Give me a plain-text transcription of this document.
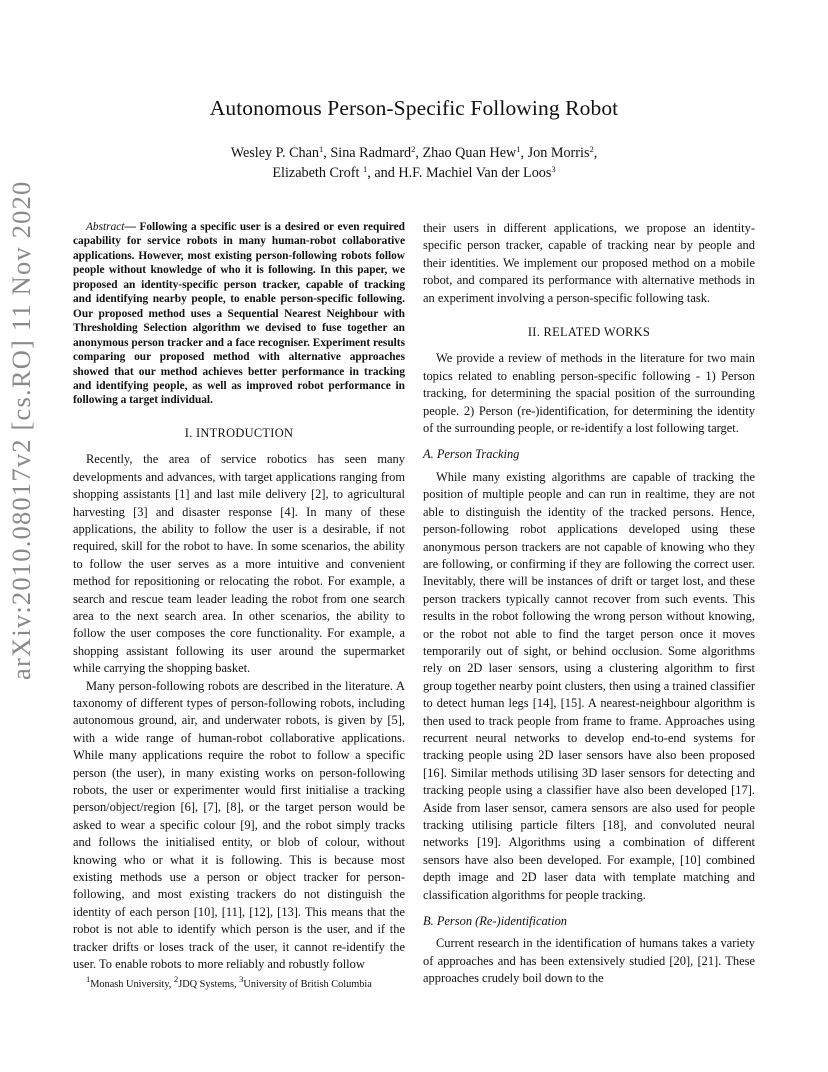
arXiv:2010.08017v2 [cs.RO] 11 Nov 2020
Autonomous Person-Specific Following Robot
Wesley P. Chan$^1$, Sina Radmard$^2$, Zhao Quan Hew$^1$, Jon Morris$^2$,
Elizabeth Croft $^1$, and H.F. Machiel Van der Loos$^3$

Abstract— Following a specific user is a desired or even required capability for service robots in many human-robot collaborative applications. However, most existing person-following robots follow people without knowledge of who it is following. In this paper, we proposed an identity-specific person tracker, capable of tracking and identifying nearby people, to enable person-specific following. Our proposed method uses a Sequential Nearest Neighbour with Thresholding Selection algorithm we devised to fuse together an anonymous person tracker and a face recogniser. Experiment results comparing our proposed method with alternative approaches showed that our method achieves better performance in tracking and identifying people, as well as improved robot performance in following a target individual.

I. INTRODUCTION

Recently, the area of service robotics has seen many developments and advances, with target applications ranging from shopping assistants [1] and last mile delivery [2], to agricultural harvesting [3] and disaster response [4]. In many of these applications, the ability to follow the user is a desirable, if not required, skill for the robot to have. In some scenarios, the ability to follow the user serves as a more intuitive and convenient method for repositioning or relocating the robot. For example, a search and rescue team leader leading the robot from one search area to the next search area. In other scenarios, the ability to follow the user composes the core functionality. For example, a shopping assistant following its user around the supermarket while carrying the shopping basket.

Many person-following robots are described in the literature. A taxonomy of different types of person-following robots, including autonomous ground, air, and underwater robots, is given by [5], with a wide range of human-robot collaborative applications. While many applications require the robot to follow a specific person (the user), in many existing works on person-following robots, the user or experimenter would first initialise a tracking person/object/region [6], [7], [8], or the target person would be asked to wear a specific colour [9], and the robot simply tracks and follows the initialised entity, or blob of colour, without knowing who or what it is following. This is because most existing methods use a person or object tracker for person-following, and most existing trackers do not distinguish the identity of each person [10], [11], [12], [13]. This means that the robot is not able to identify which person is the user, and if the tracker drifts or loses track of the user, it cannot re-identify the user. To enable robots to more reliably and robustly follow

their users in different applications, we propose an identity-specific person tracker, capable of tracking near by people and their identities. We implement our proposed method on a mobile robot, and compared its performance with alternative methods in an experiment involving a person-specific following task.

II. RELATED WORKS

We provide a review of methods in the literature for two main topics related to enabling person-specific following - 1) Person tracking, for determining the spacial position of the surrounding people. 2) Person (re-)identification, for determining the identity of the surrounding people, or re-identify a lost following target.

A. Person Tracking

While many existing algorithms are capable of tracking the position of multiple people and can run in realtime, they are not able to distinguish the identity of the tracked persons. Hence, person-following robot applications developed using these anonymous person trackers are not capable of knowing who they are following, or confirming if they are following the correct user. Inevitably, there will be instances of drift or target lost, and these person trackers typically cannot recover from such events. This results in the robot following the wrong person without knowing, or the robot not able to find the target person once it moves temporarily out of sight, or behind occlusion. Some algorithms rely on 2D laser sensors, using a clustering algorithm to first group together nearby point clusters, then using a trained classifier to detect human legs [14], [15]. A nearest-neighbour algorithm is then used to track people from frame to frame. Approaches using recurrent neural networks to develop end-to-end systems for tracking people using 2D laser sensors have also been proposed [16]. Similar methods utilising 3D laser sensors for detecting and tracking people using a classifier have also been developed [17]. Aside from laser sensor, camera sensors are also used for people tracking utilising particle filters [18], and convoluted neural networks [19]. Algorithms using a combination of different sensors have also been developed. For example, [10] combined depth image and 2D laser data with template matching and classification algorithms for people tracking.

B. Person (Re-)identification

Current research in the identification of humans takes a variety of approaches and has been extensively studied [20], [21]. These approaches crudely boil down to the

$^1$Monash University, $^2$JDQ Systems, $^3$University of British Columbia
